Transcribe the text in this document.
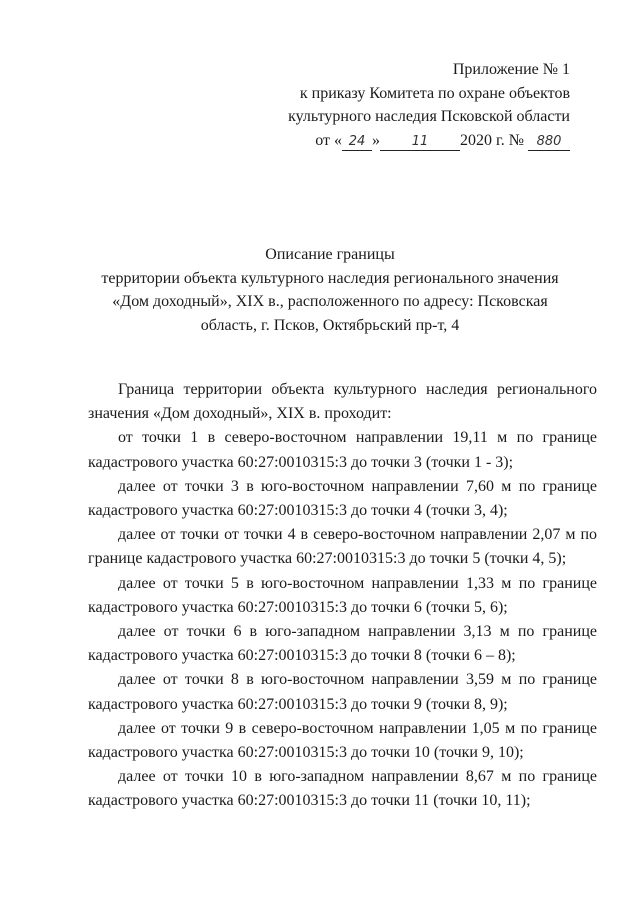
Приложение № 1
к приказу Комитета по охране объектов
культурного наследия Псковской области
от « 24 » 11 2020 г. № 880
Описание границы
территории объекта культурного наследия регионального значения
«Дом доходный», XIX в., расположенного по адресу: Псковская
область, г. Псков, Октябрьский пр-т, 4

Граница территории объекта культурного наследия регионального значения «Дом доходный», XIX в. проходит:

от точки 1 в северо-восточном направлении 19,11 м по границе кадастрового участка 60:27:0010315:3 до точки 3 (точки 1 - 3);

далее от точки 3 в юго-восточном направлении 7,60 м по границе кадастрового участка 60:27:0010315:3 до точки 4 (точки 3, 4);

далее от точки от точки 4 в северо-восточном направлении 2,07 м по границе кадастрового участка 60:27:0010315:3 до точки 5 (точки 4, 5);

далее от точки 5 в юго-восточном направлении 1,33 м по границе кадастрового участка 60:27:0010315:3 до точки 6 (точки 5, 6);

далее от точки 6 в юго-западном направлении 3,13 м по границе кадастрового участка 60:27:0010315:3 до точки 8 (точки 6 – 8);

далее от точки 8 в юго-восточном направлении 3,59 м по границе кадастрового участка 60:27:0010315:3 до точки 9 (точки 8, 9);

далее от точки 9 в северо-восточном направлении 1,05 м по границе кадастрового участка 60:27:0010315:3 до точки 10 (точки 9, 10);

далее от точки 10 в юго-западном направлении 8,67 м по границе кадастрового участка 60:27:0010315:3 до точки 11 (точки 10, 11);
